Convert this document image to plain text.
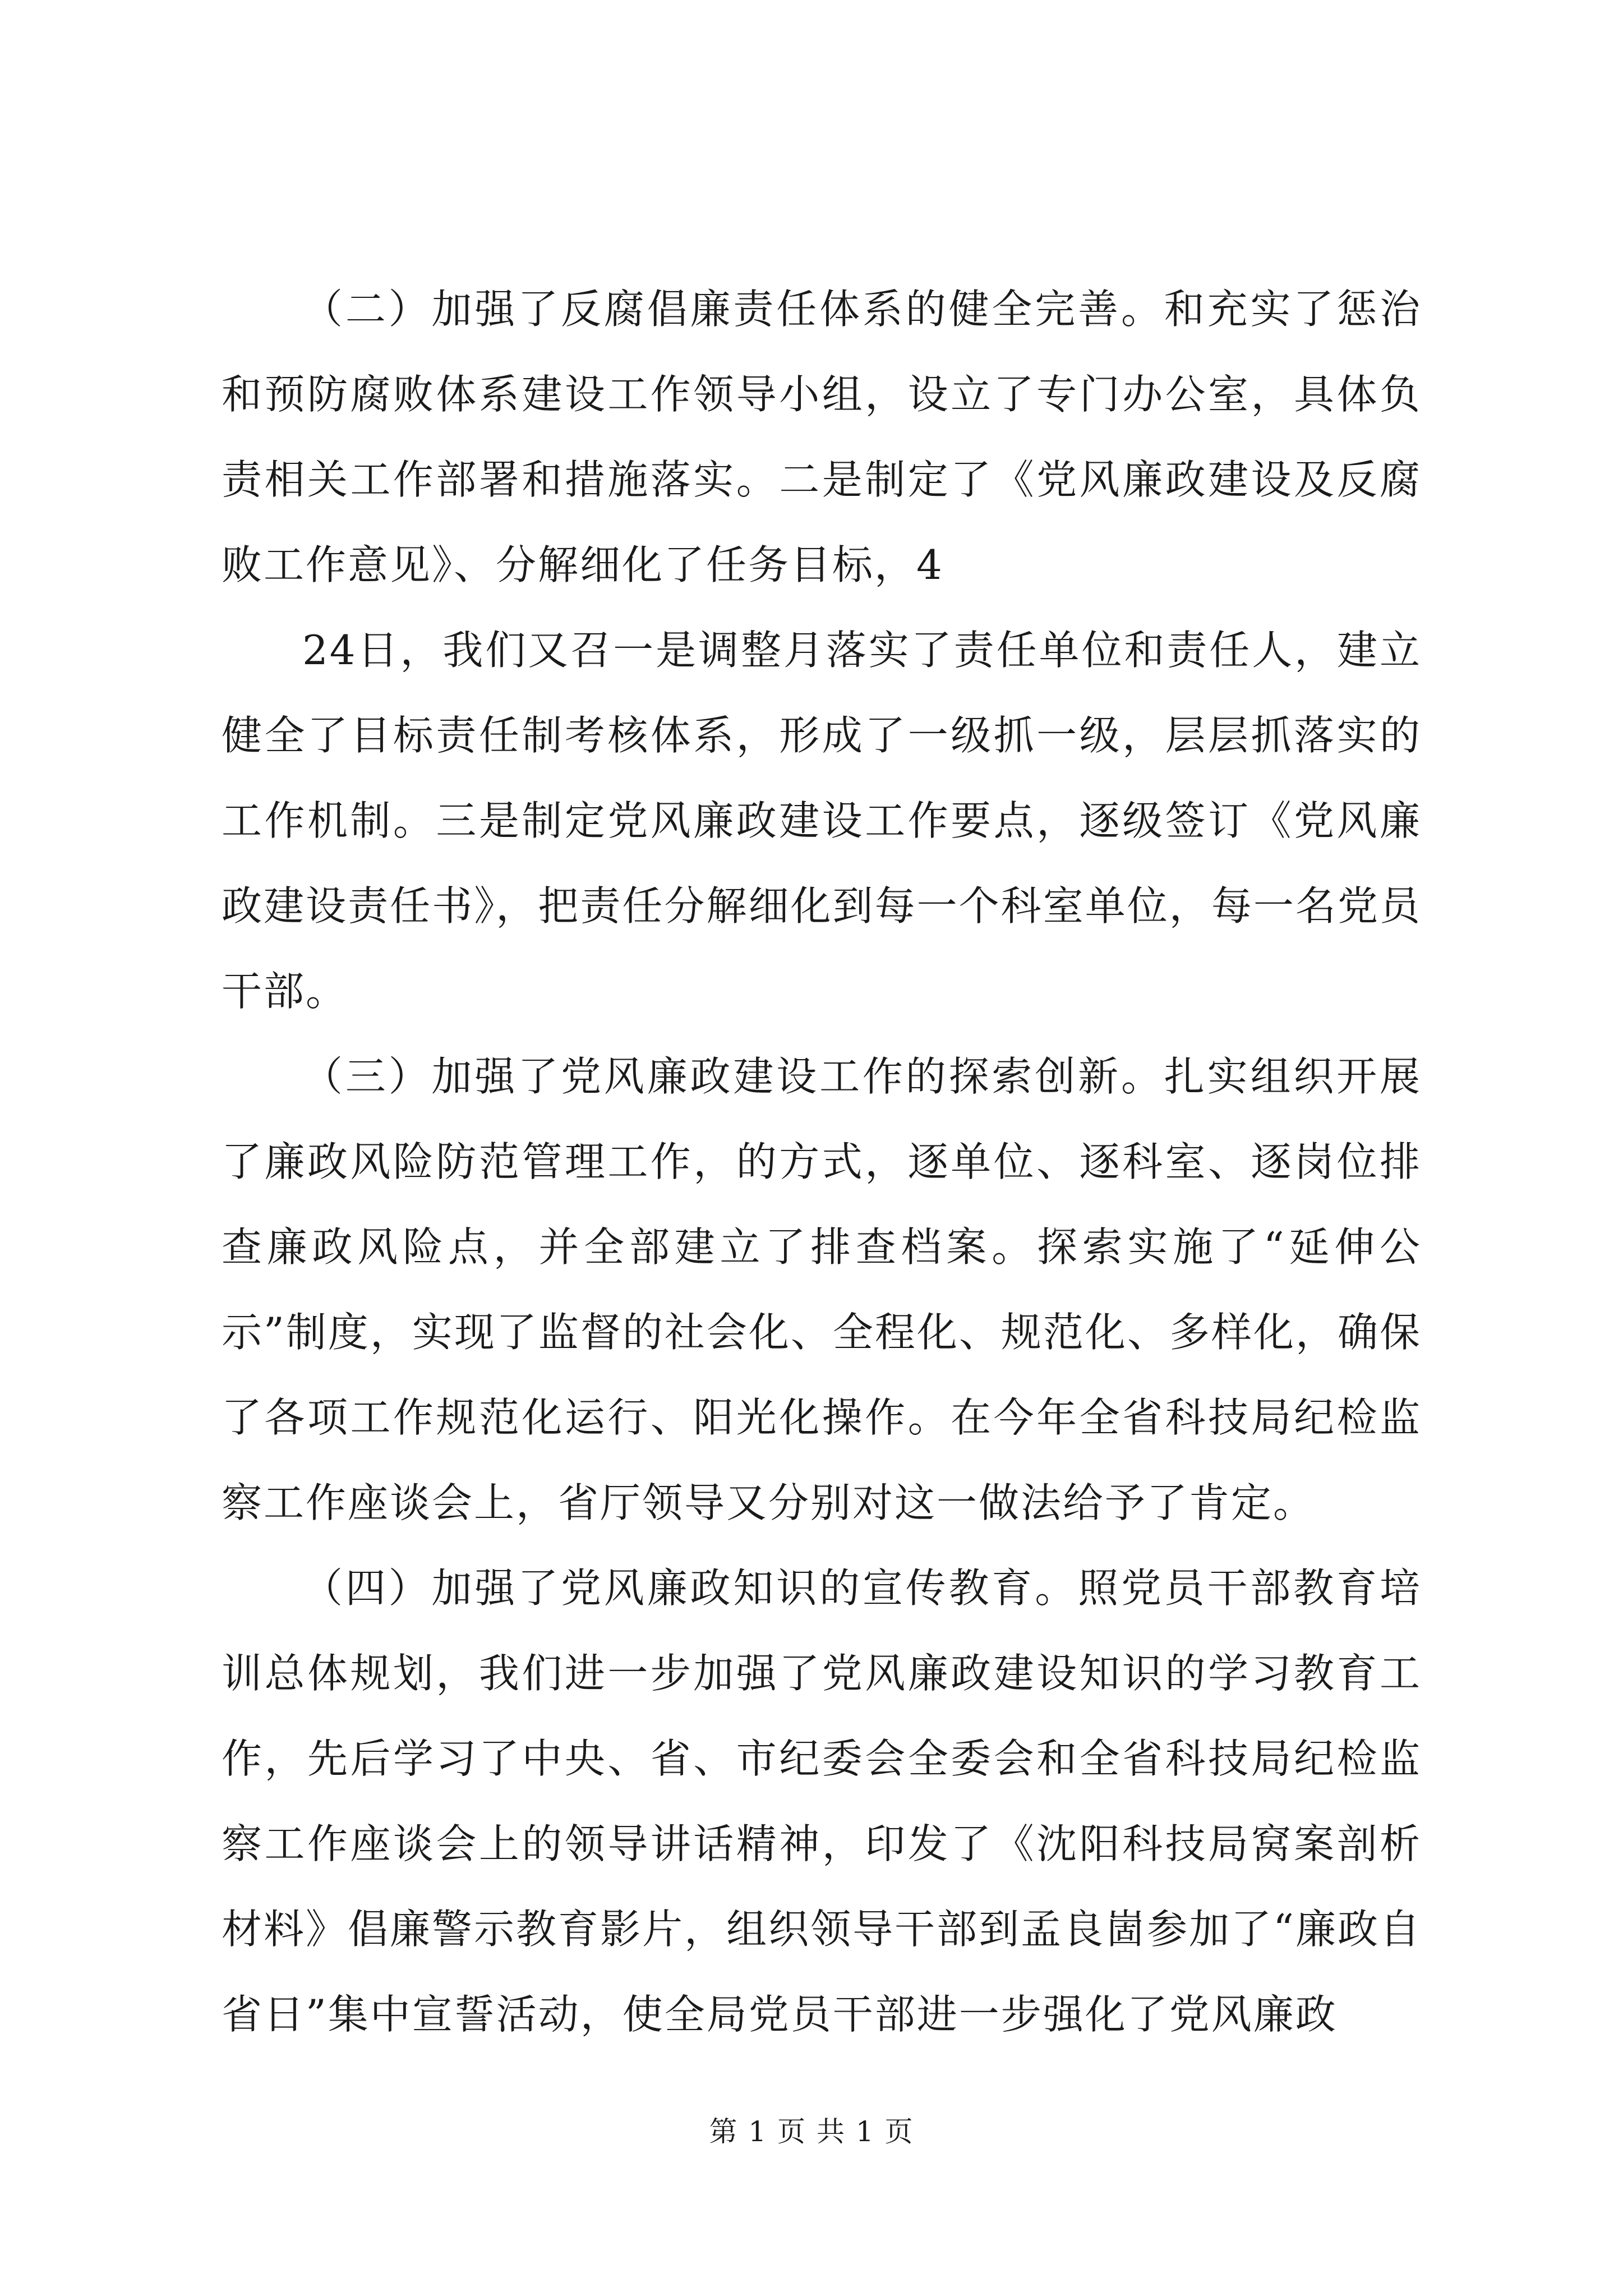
（二）加强了反腐倡廉责任体系的健全完善。和充实了惩治和预防腐败体系建设工作领导小组，设立了专门办公室，具体负责相关工作部署和措施落实。二是制定了《党风廉政建设及反腐败工作意见》、分解细化了任务目标，4

24日，我们又召一是调整月落实了责任单位和责任人，建立健全了目标责任制考核体系，形成了一级抓一级，层层抓落实的工作机制。三是制定党风廉政建设工作要点，逐级签订《党风廉政建设责任书》，把责任分解细化到每一个科室单位，每一名党员干部。

（三）加强了党风廉政建设工作的探索创新。扎实组织开展了廉政风险防范管理工作，的方式，逐单位、逐科室、逐岗位排查廉政风险点，并全部建立了排查档案。探索实施了“延伸公示”制度，实现了监督的社会化、全程化、规范化、多样化，确保了各项工作规范化运行、阳光化操作。在今年全省科技局纪检监察工作座谈会上，省厅领导又分别对这一做法给予了肯定。

（四）加强了党风廉政知识的宣传教育。照党员干部教育培训总体规划，我们进一步加强了党风廉政建设知识的学习教育工作，先后学习了中央、省、市纪委会全委会和全省科技局纪检监察工作座谈会上的领导讲话精神，印发了《沈阳科技局窝案剖析材料》倡廉警示教育影片，组织领导干部到孟良崮参加了“廉政自省日”集中宣誓活动，使全局党员干部进一步强化了党风廉政

第 1 页 共 1 页
